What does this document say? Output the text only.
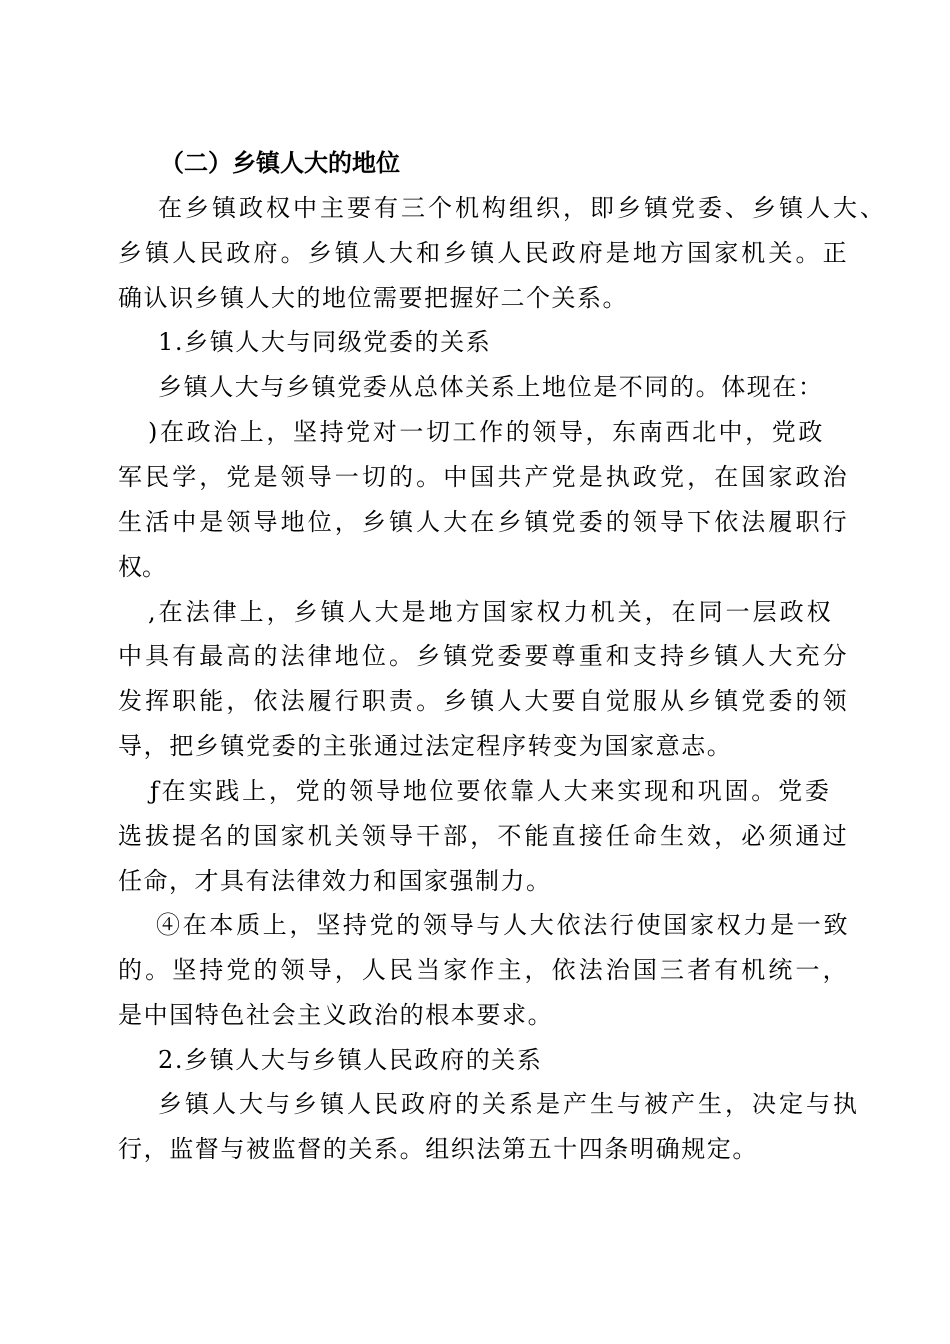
（二）乡镇人大的地位
在乡镇政权中主要有三个机构组织，即乡镇党委、乡镇人大、
乡镇人民政府。乡镇人大和乡镇人民政府是地方国家机关。正
确认识乡镇人大的地位需要把握好二个关系。
1.乡镇人大与同级党委的关系
乡镇人大与乡镇党委从总体关系上地位是不同的。体现在：
)在政治上，坚持党对一切工作的领导，东南西北中，党政
军民学，党是领导一切的。中国共产党是执政党，在国家政治
生活中是领导地位，乡镇人大在乡镇党委的领导下依法履职行
权。
,在法律上，乡镇人大是地方国家权力机关，在同一层政权
中具有最高的法律地位。乡镇党委要尊重和支持乡镇人大充分
发挥职能，依法履行职责。乡镇人大要自觉服从乡镇党委的领
导，把乡镇党委的主张通过法定程序转变为国家意志。
ƒ在实践上，党的领导地位要依靠人大来实现和巩固。党委
选拔提名的国家机关领导干部，不能直接任命生效，必须通过
任命，才具有法律效力和国家强制力。
④在本质上，坚持党的领导与人大依法行使国家权力是一致
的。坚持党的领导，人民当家作主，依法治国三者有机统一，
是中国特色社会主义政治的根本要求。
2.乡镇人大与乡镇人民政府的关系
乡镇人大与乡镇人民政府的关系是产生与被产生，决定与执
行，监督与被监督的关系。组织法第五十四条明确规定。
